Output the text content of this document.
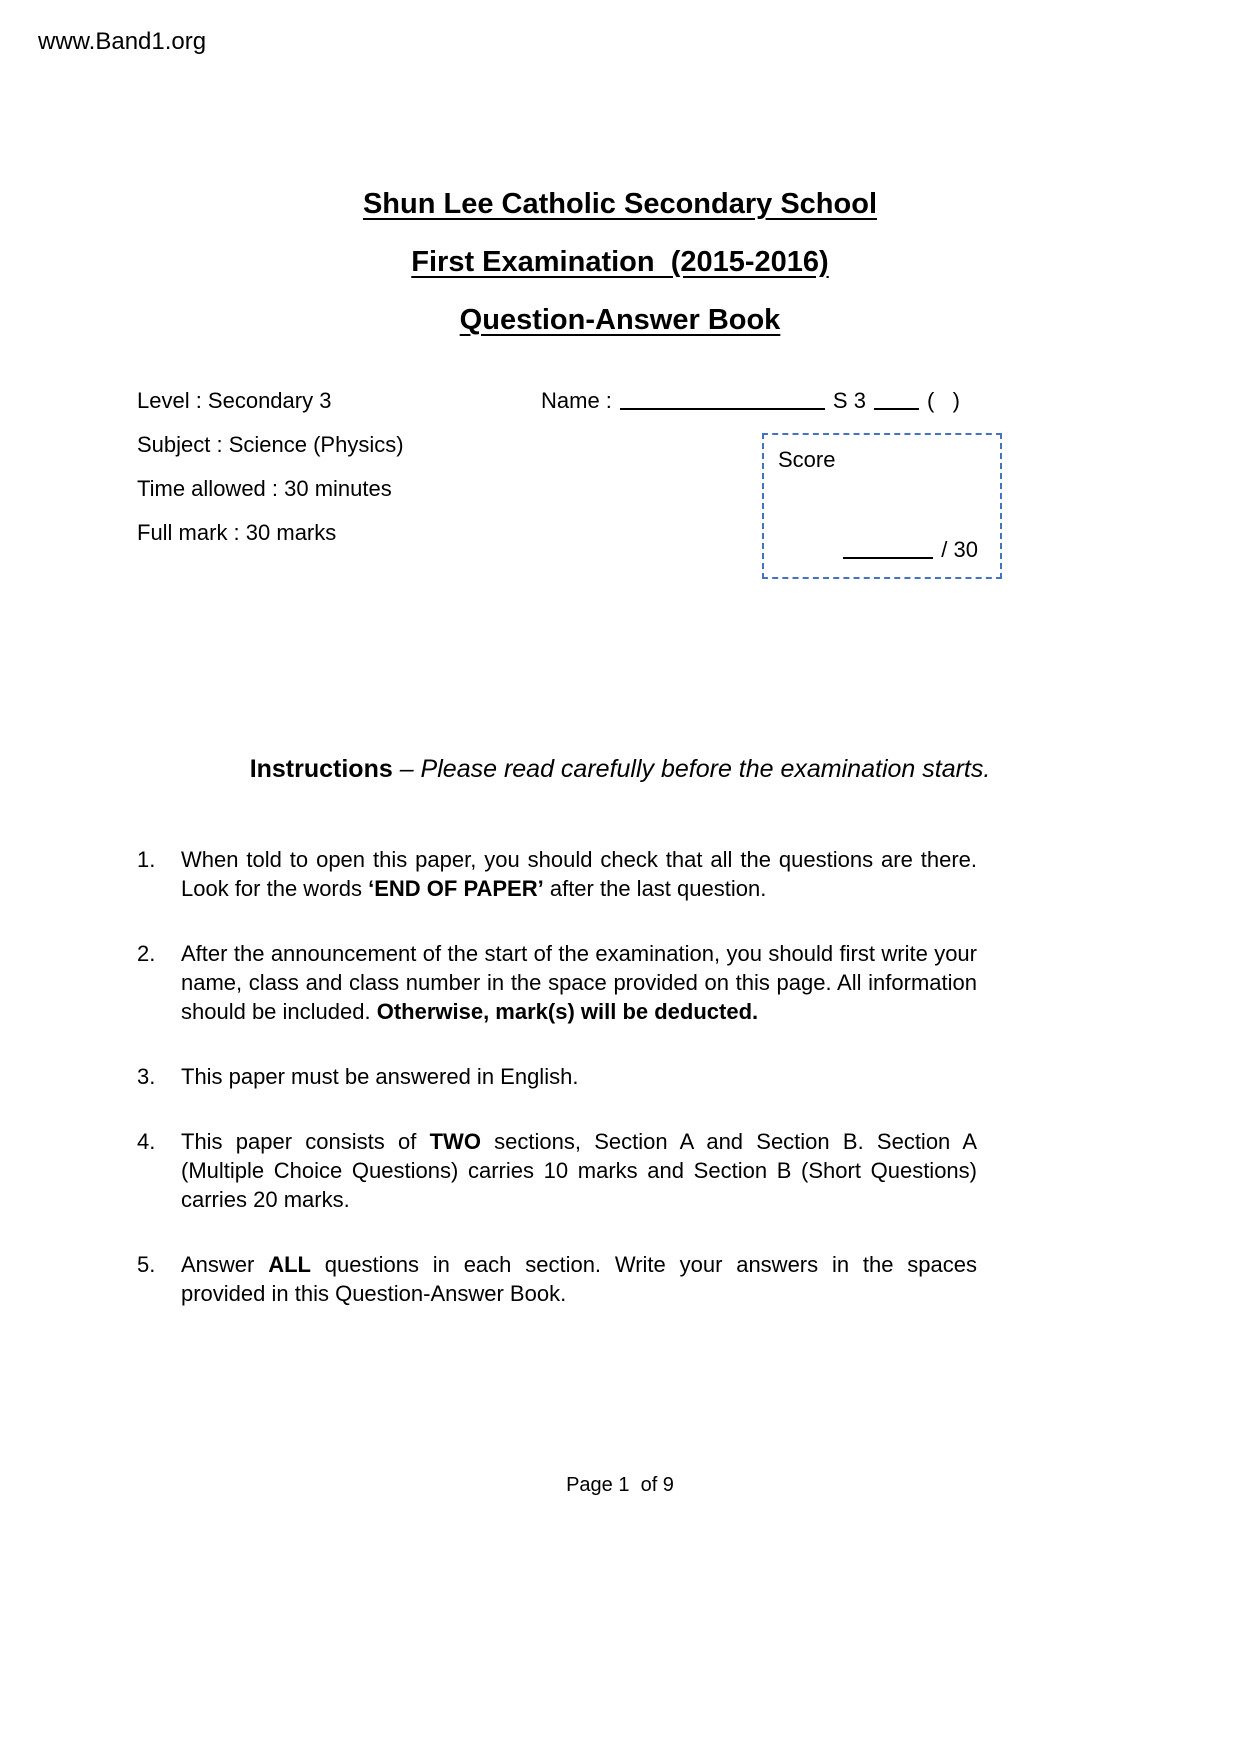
www.Band1.org
Shun Lee Catholic Secondary School
First Examination  (2015-2016)
Question-Answer Book
Level : Secondary 3
Subject : Science (Physics)
Time allowed : 30 minutes
Full mark : 30 marks
Name :	S 3	(   )
Score
/ 30
Instructions – Please read carefully before the examination starts.
1.	When told to open this paper, you should check that all the questions are there. Look for the words ‘END OF PAPER’ after the last question.
2.	After the announcement of the start of the examination, you should first write your name, class and class number in the space provided on this page. All information should be included. Otherwise, mark(s) will be deducted.
3.	This paper must be answered in English.
4.	This paper consists of TWO sections, Section A and Section B. Section A (Multiple Choice Questions) carries 10 marks and Section B (Short Questions) carries 20 marks.
5.	Answer ALL questions in each section. Write your answers in the spaces provided in this Question-Answer Book.
Page 1  of 9
